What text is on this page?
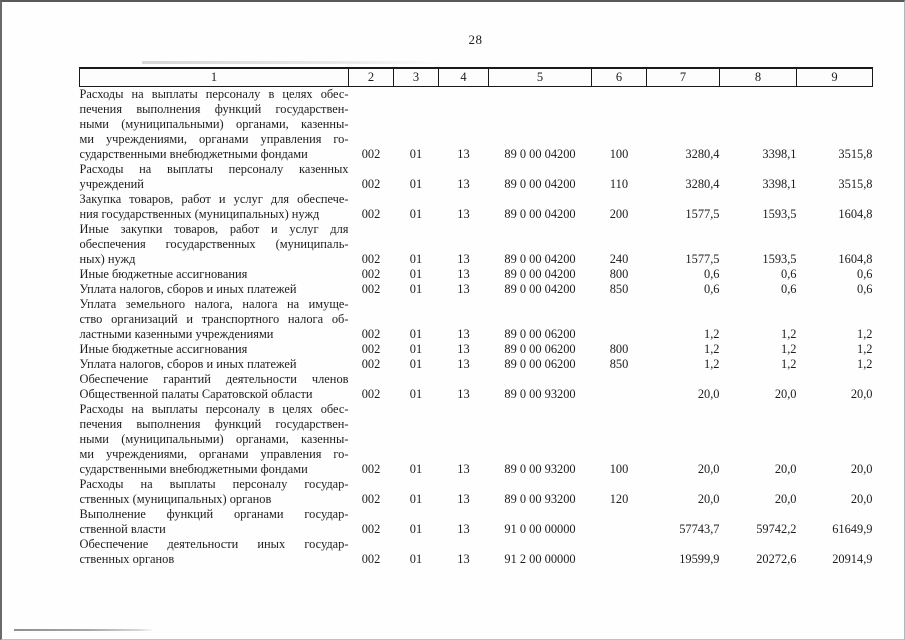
28
1	2	3	4	5	6	7	8	9

Расходы на выплаты персоналу в целях обес-
печения выполнения функций государствен-
ными (муниципальными) органами, казенны-
ми учреждениями, органами управления го-
сударственными внебюджетными фондами	002	01	13	89 0 00 04200	100	3280,4	3398,1	3515,8

Расходы на выплаты персоналу казенных
учреждений	002	01	13	89 0 00 04200	110	3280,4	3398,1	3515,8

Закупка товаров, работ и услуг для обеспече-
ния государственных (муниципальных) нужд	002	01	13	89 0 00 04200	200	1577,5	1593,5	1604,8

Иные закупки товаров, работ и услуг для
обеспечения государственных (муниципаль-
ных) нужд	002	01	13	89 0 00 04200	240	1577,5	1593,5	1604,8

Иные бюджетные ассигнования	002	01	13	89 0 00 04200	800	0,6	0,6	0,6

Уплата налогов, сборов и иных платежей	002	01	13	89 0 00 04200	850	0,6	0,6	0,6

Уплата земельного налога, налога на имуще-
ство организаций и транспортного налога об-
ластными казенными учреждениями	002	01	13	89 0 00 06200		1,2	1,2	1,2

Иные бюджетные ассигнования	002	01	13	89 0 00 06200	800	1,2	1,2	1,2

Уплата налогов, сборов и иных платежей	002	01	13	89 0 00 06200	850	1,2	1,2	1,2

Обеспечение гарантий деятельности членов
Общественной палаты Саратовской области	002	01	13	89 0 00 93200		20,0	20,0	20,0

Расходы на выплаты персоналу в целях обес-
печения выполнения функций государствен-
ными (муниципальными) органами, казенны-
ми учреждениями, органами управления го-
сударственными внебюджетными фондами	002	01	13	89 0 00 93200	100	20,0	20,0	20,0

Расходы на выплаты персоналу государ-
ственных (муниципальных) органов	002	01	13	89 0 00 93200	120	20,0	20,0	20,0

Выполнение функций органами государ-
ственной власти	002	01	13	91 0 00 00000		57743,7	59742,2	61649,9

Обеспечение деятельности иных государ-
ственных органов	002	01	13	91 2 00 00000		19599,9	20272,6	20914,9
